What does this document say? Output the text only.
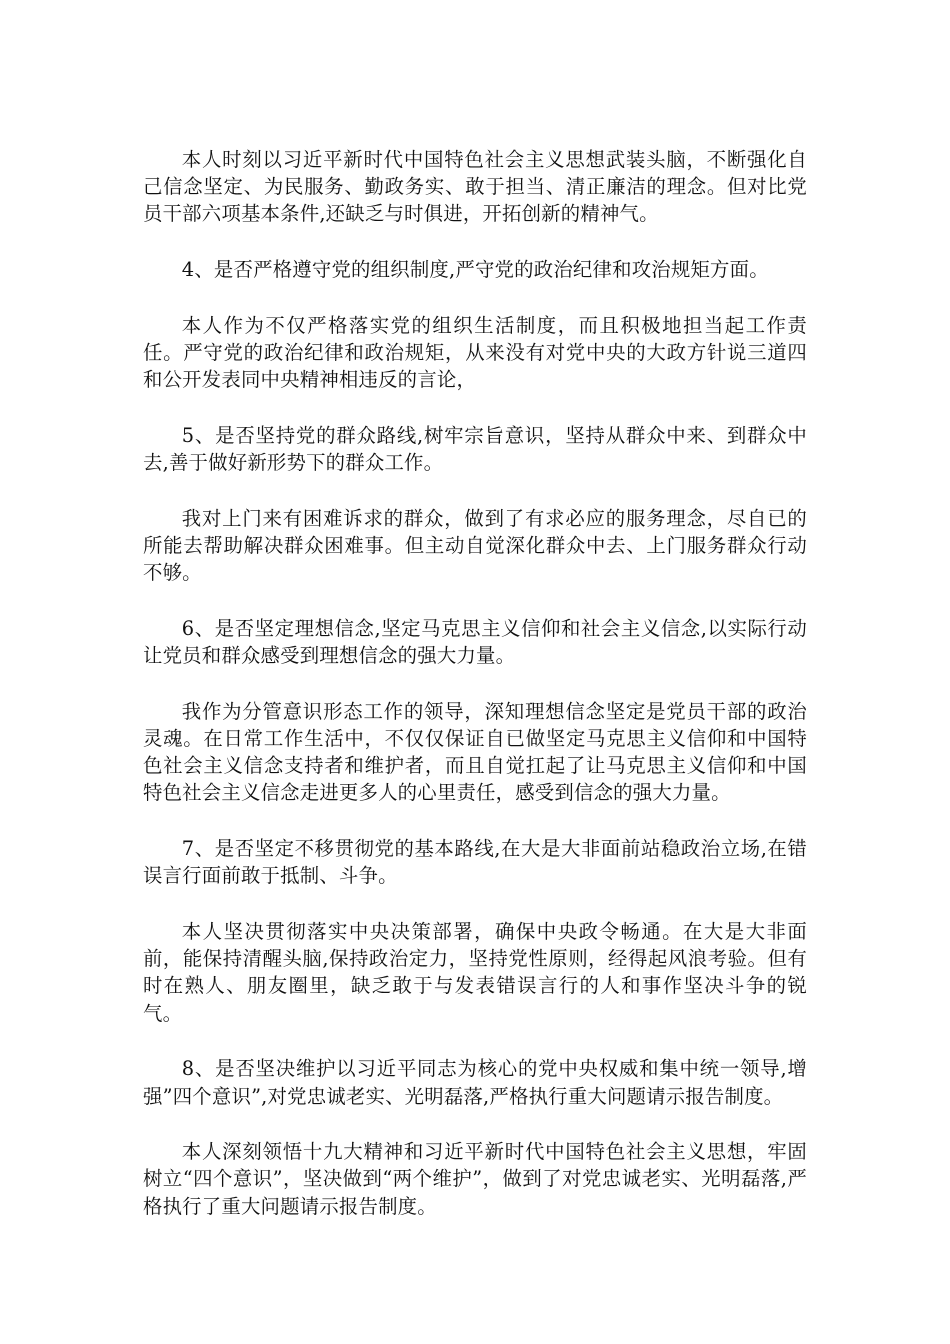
本人时刻以习近平新时代中国特色社会主义思想武装头脑，不断强化自己信念坚定、为民服务、勤政务实、敢于担当、清正廉洁的理念。但对比党员干部六项基本条件,还缺乏与时俱进，开拓创新的精神气。

4、是否严格遵守党的组织制度,严守党的政治纪律和攻治规矩方面。

本人作为不仅严格落实党的组织生活制度，而且积极地担当起工作责任。严守党的政治纪律和政治规矩，从来没有对党中央的大政方针说三道四和公开发表同中央精神相违反的言论，

5、是否坚持党的群众路线,树牢宗旨意识，坚持从群众中来、到群众中去,善于做好新形势下的群众工作。

我对上门来有困难诉求的群众，做到了有求必应的服务理念，尽自已的所能去帮助解决群众困难事。但主动自觉深化群众中去、上门服务群众行动不够。

6、是否坚定理想信念,坚定马克思主义信仰和社会主义信念,以实际行动让党员和群众感受到理想信念的强大力量。

我作为分管意识形态工作的领导，深知理想信念坚定是党员干部的政治灵魂。在日常工作生活中，不仅仅保证自已做坚定马克思主义信仰和中国特色社会主义信念支持者和维护者，而且自觉扛起了让马克思主义信仰和中国特色社会主义信念走进更多人的心里责任，感受到信念的强大力量。

7、是否坚定不移贯彻党的基本路线,在大是大非面前站稳政治立场,在错误言行面前敢于抵制、斗争。

本人坚决贯彻落实中央决策部署，确保中央政令畅通。在大是大非面前，能保持清醒头脑,保持政治定力，坚持党性原则，经得起风浪考验。但有时在熟人、朋友圈里，缺乏敢于与发表错误言行的人和事作坚决斗争的锐气。

8、是否坚决维护以习近平同志为核心的党中央权威和集中统一领导,增强”四个意识”,对党忠诚老实、光明磊落,严格执行重大问题请示报告制度。

本人深刻领悟十九大精神和习近平新时代中国特色社会主义思想，牢固树立“四个意识”，坚决做到“两个维护”，做到了对党忠诚老实、光明磊落,严格执行了重大问题请示报告制度。
